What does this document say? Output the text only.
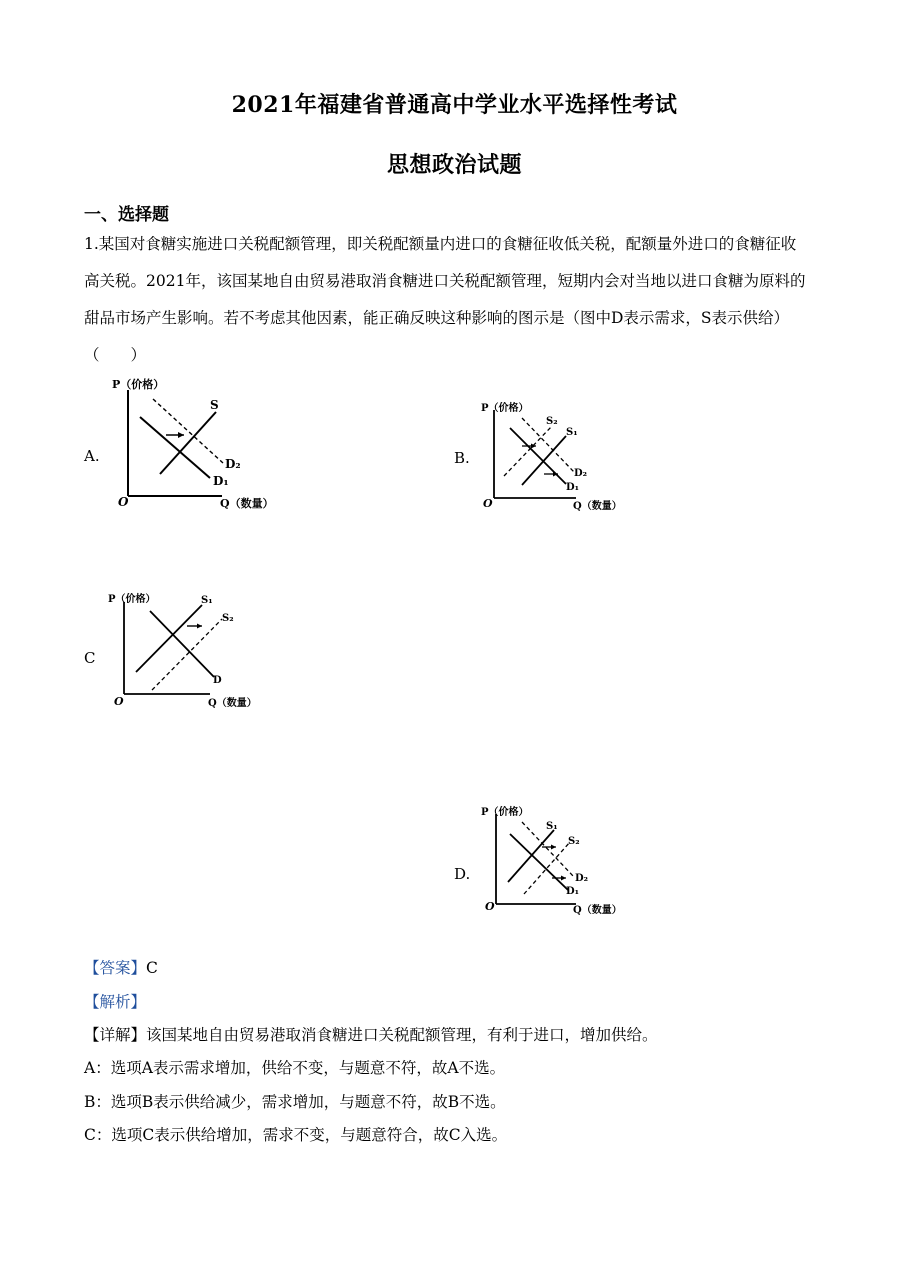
2021年福建省普通高中学业水平选择性考试
思想政治试题
一、选择题

1.某国对食糖实施进口关税配额管理，即关税配额量内进口的食糖征收低关税，配额量外进口的食糖征收

高关税。2021年，该国某地自由贸易港取消食糖进口关税配额管理，短期内会对当地以进口食糖为原料的

甜品市场产生影响。若不考虑其他因素，能正确反映这种影响的图示是（图中D表示需求，S表示供给）

（　　）

A.
P（价格）
Q（数量）
O
S
D₂
D₁
B.
P（价格）
Q（数量）
O
S₂
S₁
D₂
D₁
C
P（价格）
Q（数量）
O
S₁
S₂
D
D.
P（价格）
Q（数量）
O
S₁
S₂
D₂
D₁
【答案】C
【解析】
【详解】该国某地自由贸易港取消食糖进口关税配额管理，有利于进口，增加供给。
A：选项A表示需求增加，供给不变，与题意不符，故A不选。
B：选项B表示供给减少，需求增加，与题意不符，故B不选。
C：选项C表示供给增加，需求不变，与题意符合，故C入选。
